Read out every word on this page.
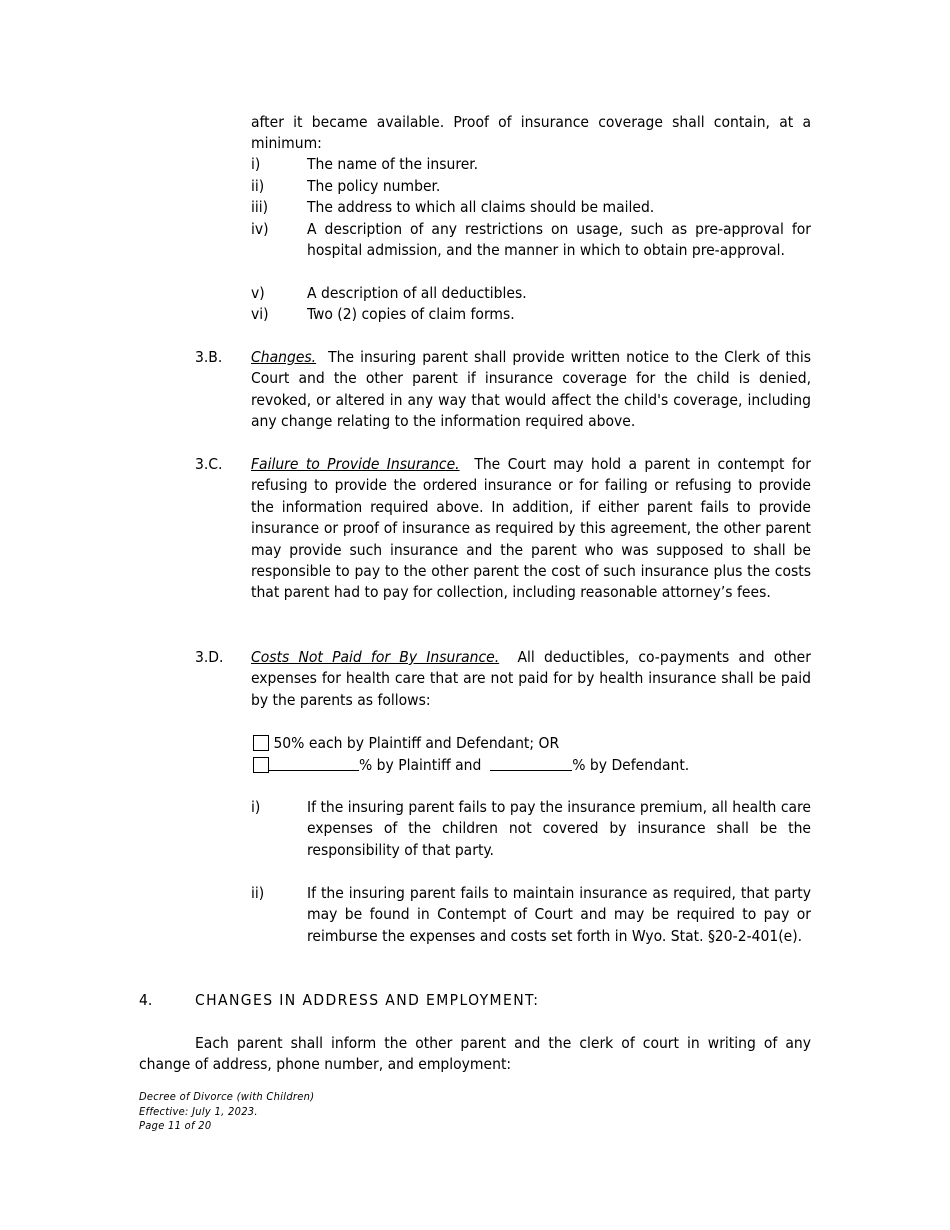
after it became available. Proof of insurance coverage shall contain, at a
minimum:
i)	The name of the insurer.
ii)	The policy number.
iii)	The address to which all claims should be mailed.
iv) A description of any restrictions on usage, such as pre-approval for hospital admission, and the manner in which to obtain pre-approval.
v)	A description of all deductibles.
vi) Two (2) copies of claim forms.
3.B. Changes. The insuring parent shall provide written notice to the Clerk of this Court and the other parent if insurance coverage for the child is denied, revoked, or altered in any way that would affect the child's coverage, including any change relating to the information required above.
3.C. Failure to Provide Insurance. The Court may hold a parent in contempt for refusing to provide the ordered insurance or for failing or refusing to provide the information required above. In addition, if either parent fails to provide insurance or proof of insurance as required by this agreement, the other parent may provide such insurance and the parent who was supposed to shall be responsible to pay to the other parent the cost of such insurance plus the costs that parent had to pay for collection, including reasonable attorney’s fees.
3.D. Costs Not Paid for By Insurance. All deductibles, co-payments and other expenses for health care that are not paid for by health insurance shall be paid by the parents as follows:
50% each by Plaintiff and Defendant; OR
% by Plaintiff and	% by Defendant.
i)	If the insuring parent fails to pay the insurance premium, all health care expenses of the children not covered by insurance shall be the responsibility of that party.
ii)	If the insuring parent fails to maintain insurance as required, that party may be found in Contempt of Court and may be required to pay or reimburse the expenses and costs set forth in Wyo. Stat. §20-2-401(e).
4.	CHANGES IN ADDRESS AND EMPLOYMENT:
Each parent shall inform the other parent and the clerk of court in writing of any change of address, phone number, and employment:
Decree of Divorce (with Children)
Effective: July 1, 2023.
Page 11 of 20
